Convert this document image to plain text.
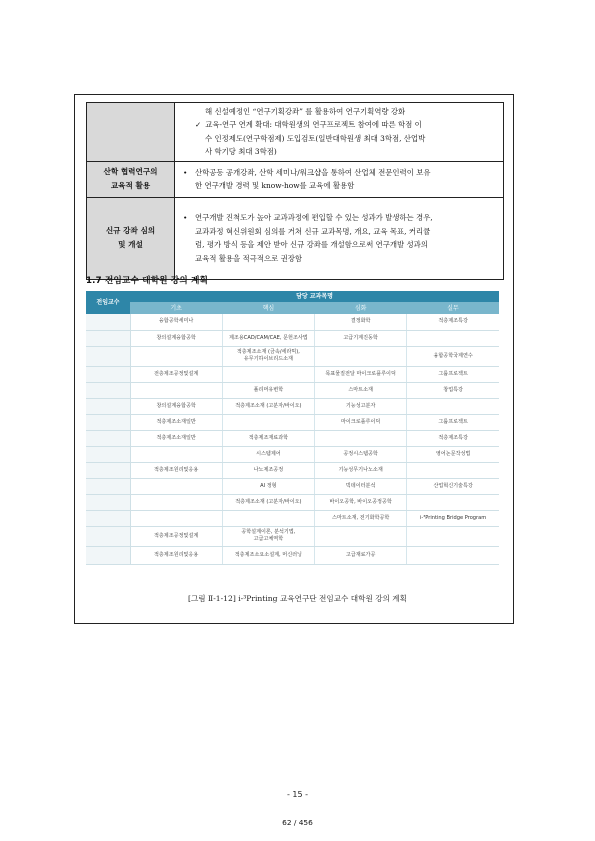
	해 신설예정인 “연구기획강좌” 를 활용하여 연구기획역량 강화
✓ 교육-연구 연계 확대: 대학원생의 연구프로젝트 참여에 따른 학점 이
수 인정제도(연구학점제) 도입검토(일반대학원생 최대 3학점, 산업박
사 학기당 최대 3학점)

산학 협력연구의 교육적 활용	• 산학공동 공개강좌, 산학 세미나/워크샵을 통하여 산업체 전문인력이 보유
한 연구개발 경력 및 know-how를 교육에 활용함

신규 강좌 심의 및 개설	• 연구개발 진척도가 높아 교과과정에 편입할 수 있는 성과가 발생하는 경우,
교과과정 혁신위원회 심의를 거쳐 신규 교과목명, 개요, 교육 목표, 커리큘
럼, 평가 방식 등을 제안 받아 신규 강좌를 개설함으로써 연구개발 성과의
교육적 활용을 적극적으로 권장함
1.7 전임교수 대학원 강의 계획
전임교수	담당 교과목명			
	기초	핵심	심화	실무
	융합공학세미나		결정화학	적층제조특강
	창의설계융합공학	제조용CAD/CAM/CAE, 문헌조사법	고급기계진동학	
		적층제조소재 (금속/세라믹),
유무기하이브리드소재		융합공학국제연수
	전층제조공정및설계		목표물질전달 마이크로플루이딕	그룹프로젝트
		폴리머유변학	스마트소재	창업특강
	창의설계융합공학	적층제조소재 (고분자/바이오)	기능성고분자	
	적층제조소재일반		마이크로플루이딕	그룹프로젝트
	적층제조소재일반	적층제조재료과학		적층제조특강
		시스템제어	공정시스템공학	영어논문작성법
	적층제조원리및응용	나노제조공정	기능성무기나노소재	
		AI 정형	빅데이터분석	산업혁신기술특강
		적층제조소재 (고분자/바이오)	바이오공학, 바이오공정공학	
			스마트소재, 전기화학공학	i-³Printing Bridge Program
	적층제조공정및설계	공학설계이론, 분석기법,
고급고체역학		
	적층제조원리및응용	적층제조소요소설계, 머신러닝	고급재료가공	
[그림 Ⅱ-1-12] i-³Printing 교육연구단 전임교수 대학원 강의 계획
- 15 -
62 / 456
